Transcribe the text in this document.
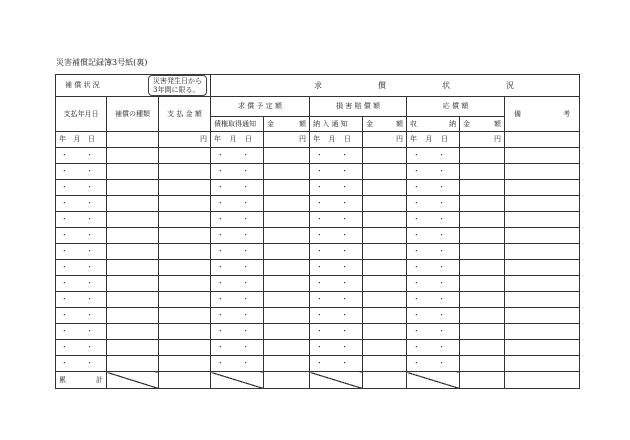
災害補償記録簿3号紙(裏)
補 償 状 況 災害発生日から
3年間に限る。			求 償 状 況						

支払年月日	補償の種類	支 払 金 額	求 償 予 定 額		損 害 賠 償 額		応 償 額		備 考

			債権取得通知	金 額	納 入 通 知	金 額	収 納	金 額	

年 月 日		円	年 月 日	円	年 月 日	円	年 月 日	円	
・ ・			・ ・		・ ・		・ ・		
・ ・			・ ・		・ ・		・ ・		
・ ・			・ ・		・ ・		・ ・		
・ ・			・ ・		・ ・		・ ・		
・ ・			・ ・		・ ・		・ ・		
・ ・			・ ・		・ ・		・ ・		
・ ・			・ ・		・ ・		・ ・		
・ ・			・ ・		・ ・		・ ・		
・ ・			・ ・		・ ・		・ ・		
・ ・			・ ・		・ ・		・ ・		
・ ・			・ ・		・ ・		・ ・		
・ ・			・ ・		・ ・		・ ・		
・ ・			・ ・		・ ・		・ ・		
・ ・			・ ・		・ ・		・ ・		

累 計									
